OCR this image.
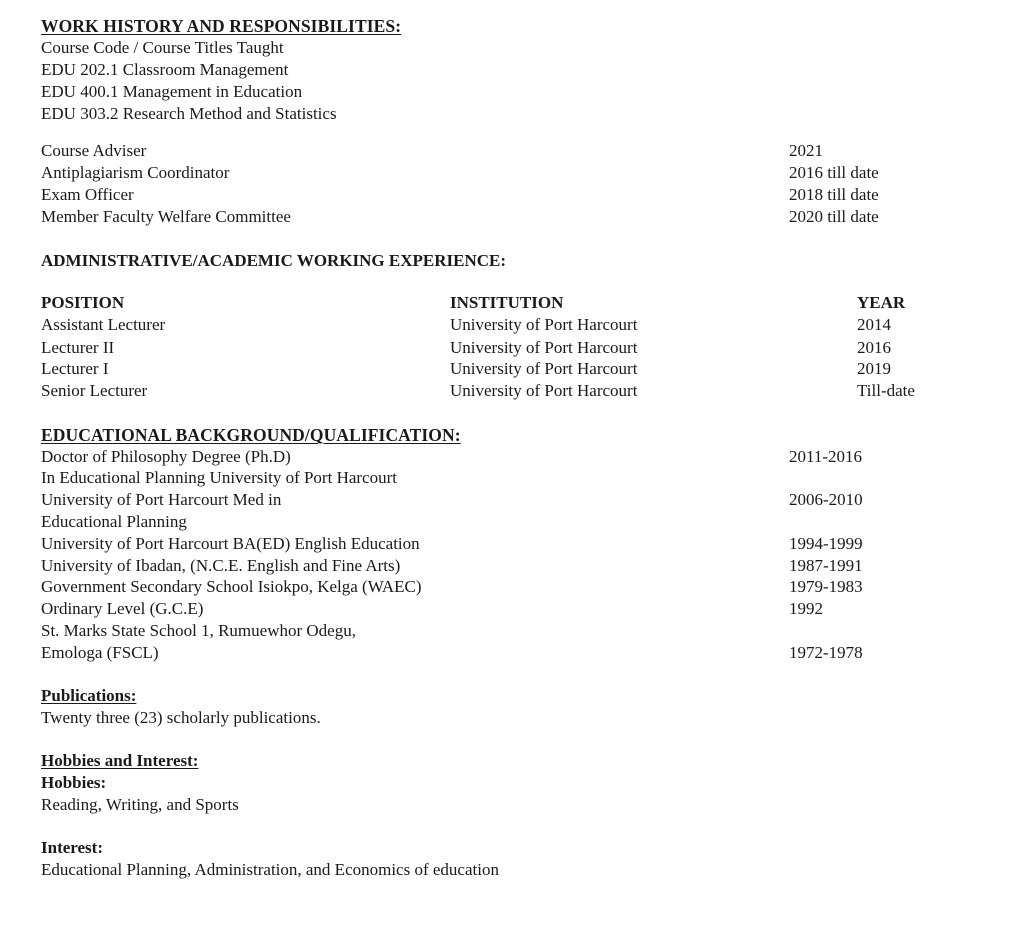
WORK HISTORY AND RESPONSIBILITIES:
Course Code / Course Titles Taught
EDU 202.1 Classroom Management
EDU 400.1 Management in Education
EDU 303.2 Research Method and Statistics
Course Adviser	2021
Antiplagiarism Coordinator	2016 till date
Exam Officer	2018 till date
Member Faculty Welfare Committee	2020 till date
ADMINISTRATIVE/ACADEMIC WORKING EXPERIENCE:
POSITION	INSTITUTION	YEAR
Assistant Lecturer	University of Port Harcourt	2014
Lecturer II	University of Port Harcourt	2016
Lecturer I	University of Port Harcourt	2019
Senior Lecturer	University of Port Harcourt	Till-date
EDUCATIONAL BACKGROUND/QUALIFICATION:
Doctor of Philosophy Degree (Ph.D)	2011-2016
In Educational Planning University of Port Harcourt
University of Port Harcourt Med in	2006-2010
Educational Planning
University of Port Harcourt BA(ED) English Education	1994-1999
University of Ibadan, (N.C.E. English and Fine Arts)	1987-1991
Government Secondary School Isiokpo, Kelga (WAEC)	1979-1983
Ordinary Level (G.C.E)	1992
St. Marks State School 1, Rumuewhor Odegu,
Emologa (FSCL)	1972-1978
Publications:
Twenty three (23) scholarly publications.
Hobbies and Interest:
Hobbies:
Reading, Writing, and Sports
Interest:
Educational Planning, Administration, and Economics of education
